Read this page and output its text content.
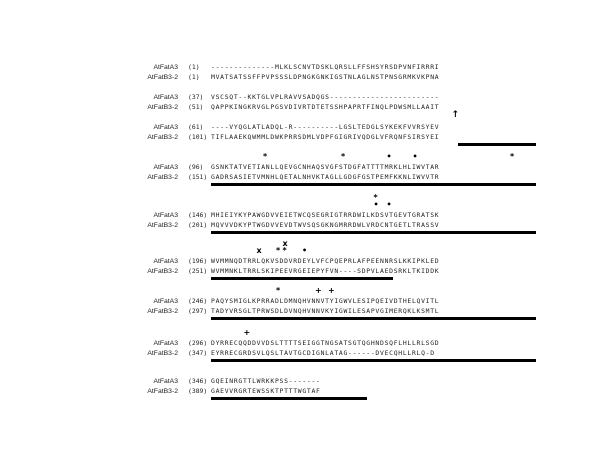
AtFatA3 (1)	--------------MLKLSCNVTDSKLQRSLLFFSHSYRSDPVNFIRRRI
AtFatB3-2 (1)	MVATSATSSFFPVPSSSLDPNGKGNKIGSTNLAGLNSTPNSGRMKVKPNA
AtFatA3 (37)	VSCSQT--KKTGLVPLRAVVSADQGS------------------------
AtFatB3-2 (51)	QAPPKINGKRVGLPGSVDIVRTDTETSSHPAPRTFINQLPDWSMLLAAIT
AtFatA3 (61)	----VYQGLATLADQL-R----------LGSLTEDGLSYKEKFVVRSYEV
AtFatB3-2 (101) TIFLAAEKQWMMLDWKPRRSDMLVDPFGIGRIVQDGLVFRQNFSIRSYEI
AtFatA3 (96)	GSNKTATVETIANLLQEVGCNHAQSVGFSTDGFATTTTMRKLHLIWVTAR
AtFatB3-2 (151) GADRSASIETVMNHLQETALNHVKTAGLLGDGFGSTPEMFKKNLIWVVTR
AtFatA3 (146) MHIEIYKYPAWGDVVEIETWCQSEGRIGTRRDWILKDSVTGEVTGRATSK
AtFatB3-2 (201) MQVVVDKYPTWGDVVEVDTWVSQSGKNGMRRDWLVRDCNTGETLTRASSV
AtFatA3 (196) WVMMNQDTRRLQKVSDDVRDEYLVFCPQEPRLAFPEENNRSLKKIPKLED
AtFatB3-2 (251) WVMMNKLTRRLSKIPEEVRGEIEPYFVN----SDPVLAEDSRKLTKIDDK
AtFatA3 (246) PAQYSMIGLKPRRADLDMNQHVNNVTYIGWVLESIPQEIVDTHELQVITL
AtFatB3-2 (297) TADYVRSGLTPRWSDLDVNQHVNNVKYIGWILESAPVGIMERQKLKSMTL
AtFatA3 (296) DYRRECQQDDVVDSLTTTTSEIGGTNGSATSGTQGHNDSQFLHLLRLSGD
AtFatB3-2 (347) EYRRECGRDSVLQSLTAVTGCDIGNLATAG------DVECQHLLRLQ-D
AtFatA3 (346) GQEINRGTTLWRKKPSS-------
AtFatB3-2 (389) GAEVVRGRTEWSSKTPTTTWGTAF
*	*	•	•	*
*
• •
x
x * * •
*	+ +
+
↑
